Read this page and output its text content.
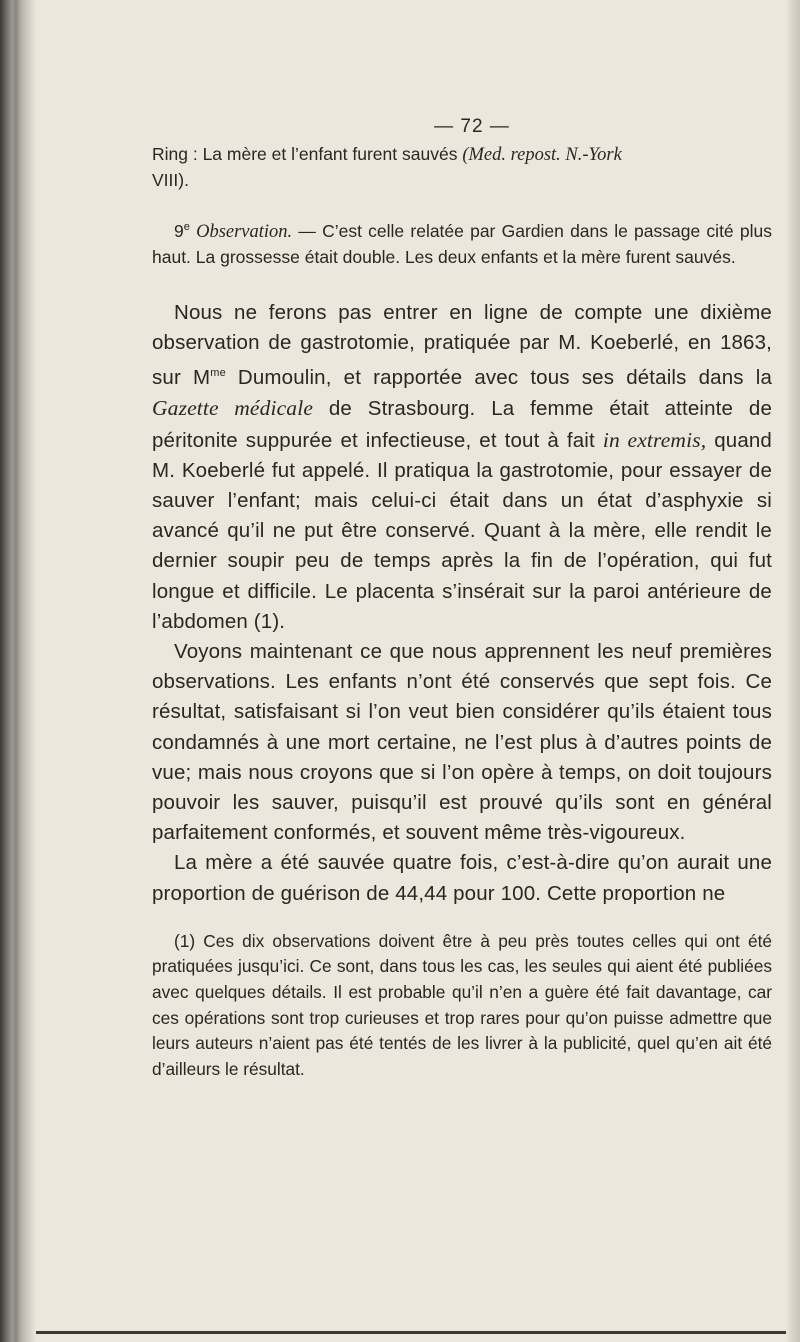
— 72 —

Ring : La mère et l’enfant furent sauvés (Med. repost. N.-York
VIII).

9e Observation. — C’est celle relatée par Gardien dans le passage cité plus haut. La grossesse était double. Les deux enfants et la mère furent sauvés.

Nous ne ferons pas entrer en ligne de compte une dixième observation de gastrotomie, pratiquée par M. Koeberlé, en 1863, sur $M^{me}$ Dumoulin, et rapportée avec tous ses détails dans la Gazette médicale de Strasbourg. La femme était atteinte de péritonite suppurée et infectieuse, et tout à fait in extremis, quand M. Koeberlé fut appelé. Il pratiqua la gastrotomie, pour essayer de sauver l’enfant; mais celui-ci était dans un état d’asphyxie si avancé qu’il ne put être conservé. Quant à la mère, elle rendit le dernier soupir peu de temps après la fin de l’opération, qui fut longue et difficile. Le placenta s’insérait sur la paroi antérieure de l’abdomen (1).

Voyons maintenant ce que nous apprennent les neuf premières observations. Les enfants n’ont été conservés que sept fois. Ce résultat, satisfaisant si l’on veut bien considérer qu’ils étaient tous condamnés à une mort certaine, ne l’est plus à d’autres points de vue; mais nous croyons que si l’on opère à temps, on doit toujours pouvoir les sauver, puisqu’il est prouvé qu’ils sont en général parfaitement conformés, et souvent même très-vigoureux.

La mère a été sauvée quatre fois, c’est-à-dire qu’on aurait une proportion de guérison de 44,44 pour 100. Cette proportion ne

(1) Ces dix observations doivent être à peu près toutes celles qui ont été pratiquées jusqu’ici. Ce sont, dans tous les cas, les seules qui aient été publiées avec quelques détails. Il est probable qu’il n’en a guère été fait davantage, car ces opérations sont trop curieuses et trop rares pour qu’on puisse admettre que leurs auteurs n’aient pas été tentés de les livrer à la publicité, quel qu’en ait été d’ailleurs le résultat.
